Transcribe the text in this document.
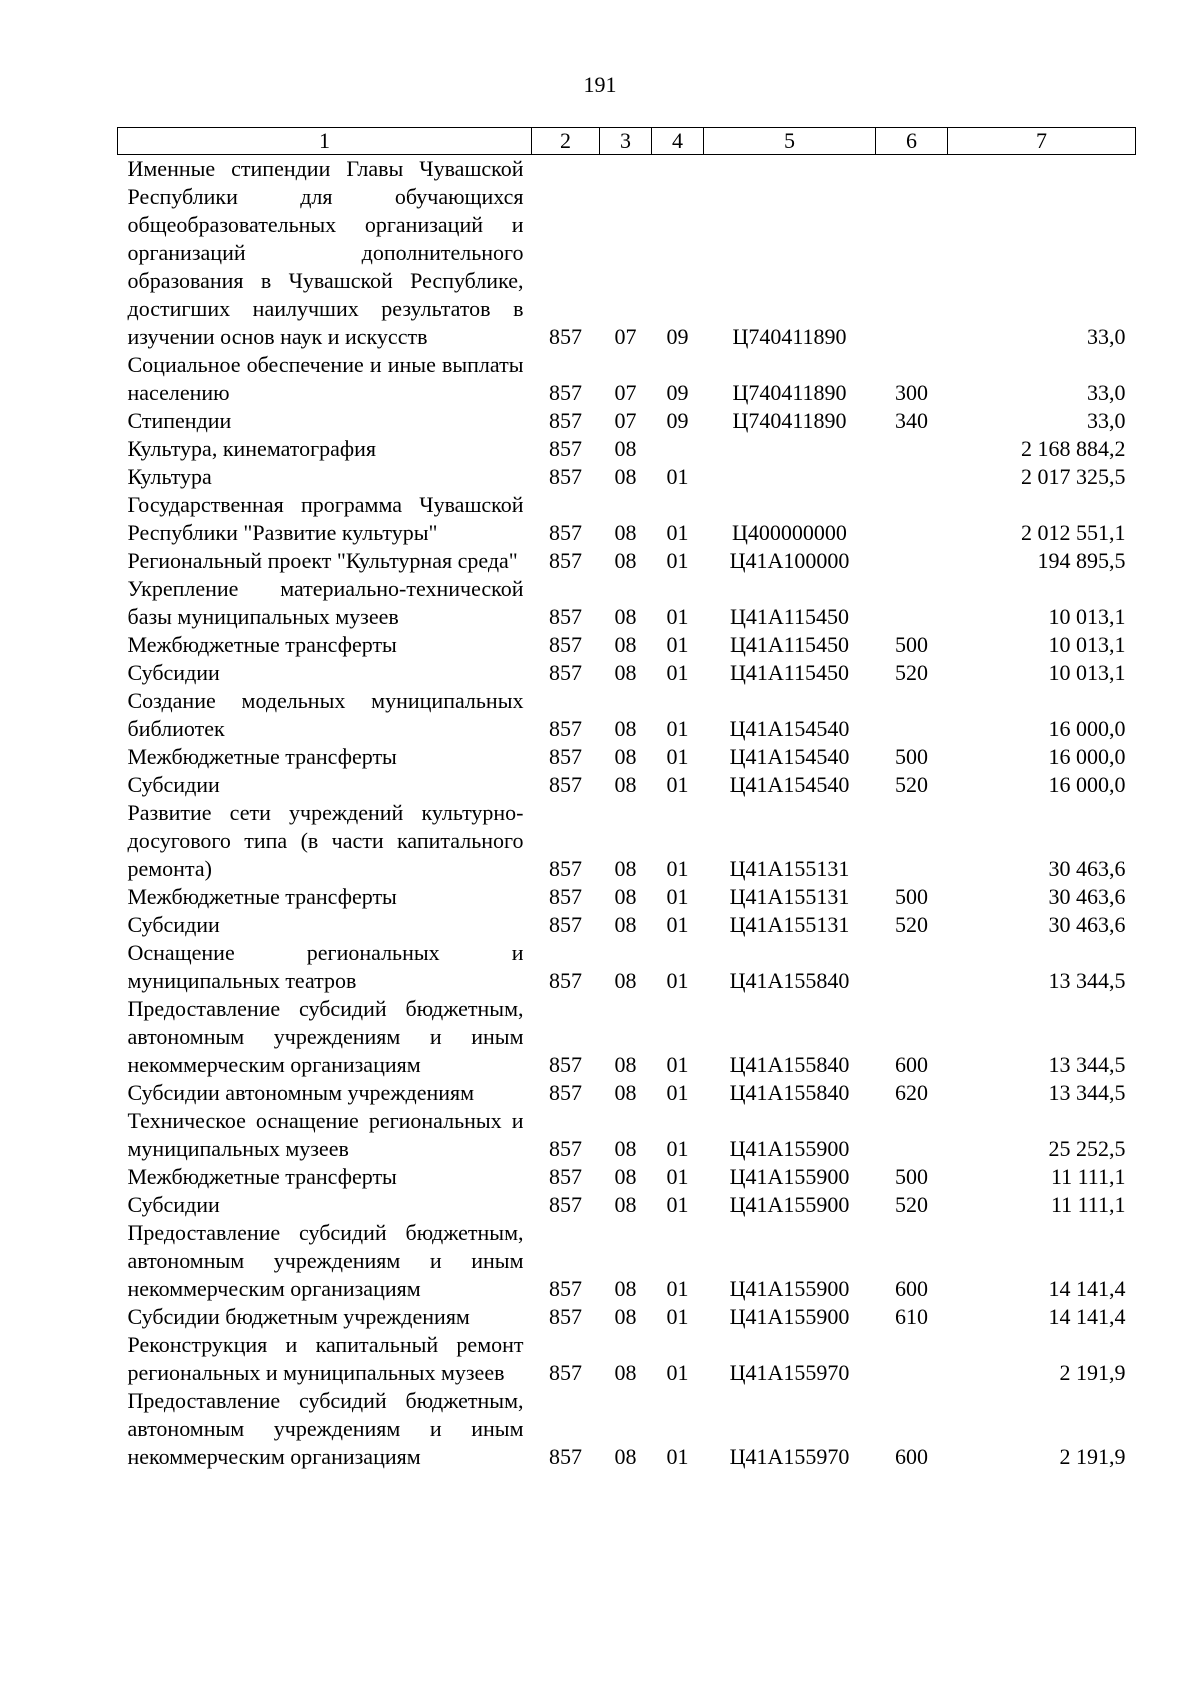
191
1	2	3	4	5	6	7
Именные стипендии Главы Чувашской Республики для обучающихся общеобразовательных организаций и организаций дополнительного образования в Чувашской Республике, достигших наилучших результатов в изучении основ наук и искусств	857	07	09	Ц740411890		33,0
Социальное обеспечение и иные выплаты населению	857	07	09	Ц740411890	300	33,0
Стипендии	857	07	09	Ц740411890	340	33,0
Культура, кинематография	857	08				2 168 884,2
Культура	857	08	01			2 017 325,5
Государственная программа Чувашской Республики "Развитие культуры"	857	08	01	Ц400000000		2 012 551,1
Региональный проект "Культурная среда"	857	08	01	Ц41A100000		194 895,5
Укрепление материально-технической базы муниципальных музеев	857	08	01	Ц41A115450		10 013,1
Межбюджетные трансферты	857	08	01	Ц41A115450	500	10 013,1
Субсидии	857	08	01	Ц41A115450	520	10 013,1
Создание модельных муниципальных библиотек	857	08	01	Ц41A154540		16 000,0
Межбюджетные трансферты	857	08	01	Ц41A154540	500	16 000,0
Субсидии	857	08	01	Ц41A154540	520	16 000,0
Развитие сети учреждений культурно-досугового типа (в части капитального ремонта)	857	08	01	Ц41A155131		30 463,6
Межбюджетные трансферты	857	08	01	Ц41A155131	500	30 463,6
Субсидии	857	08	01	Ц41A155131	520	30 463,6
Оснащение региональных и муниципальных театров	857	08	01	Ц41A155840		13 344,5
Предоставление субсидий бюджетным, автономным учреждениям и иным некоммерческим организациям	857	08	01	Ц41A155840	600	13 344,5
Субсидии автономным учреждениям	857	08	01	Ц41A155840	620	13 344,5
Техническое оснащение региональных и муниципальных музеев	857	08	01	Ц41A155900		25 252,5
Межбюджетные трансферты	857	08	01	Ц41A155900	500	11 111,1
Субсидии	857	08	01	Ц41A155900	520	11 111,1
Предоставление субсидий бюджетным, автономным учреждениям и иным некоммерческим организациям	857	08	01	Ц41A155900	600	14 141,4
Субсидии бюджетным учреждениям	857	08	01	Ц41A155900	610	14 141,4
Реконструкция и капитальный ремонт региональных и муниципальных музеев	857	08	01	Ц41A155970		2 191,9
Предоставление субсидий бюджетным, автономным учреждениям и иным некоммерческим организациям	857	08	01	Ц41A155970	600	2 191,9
